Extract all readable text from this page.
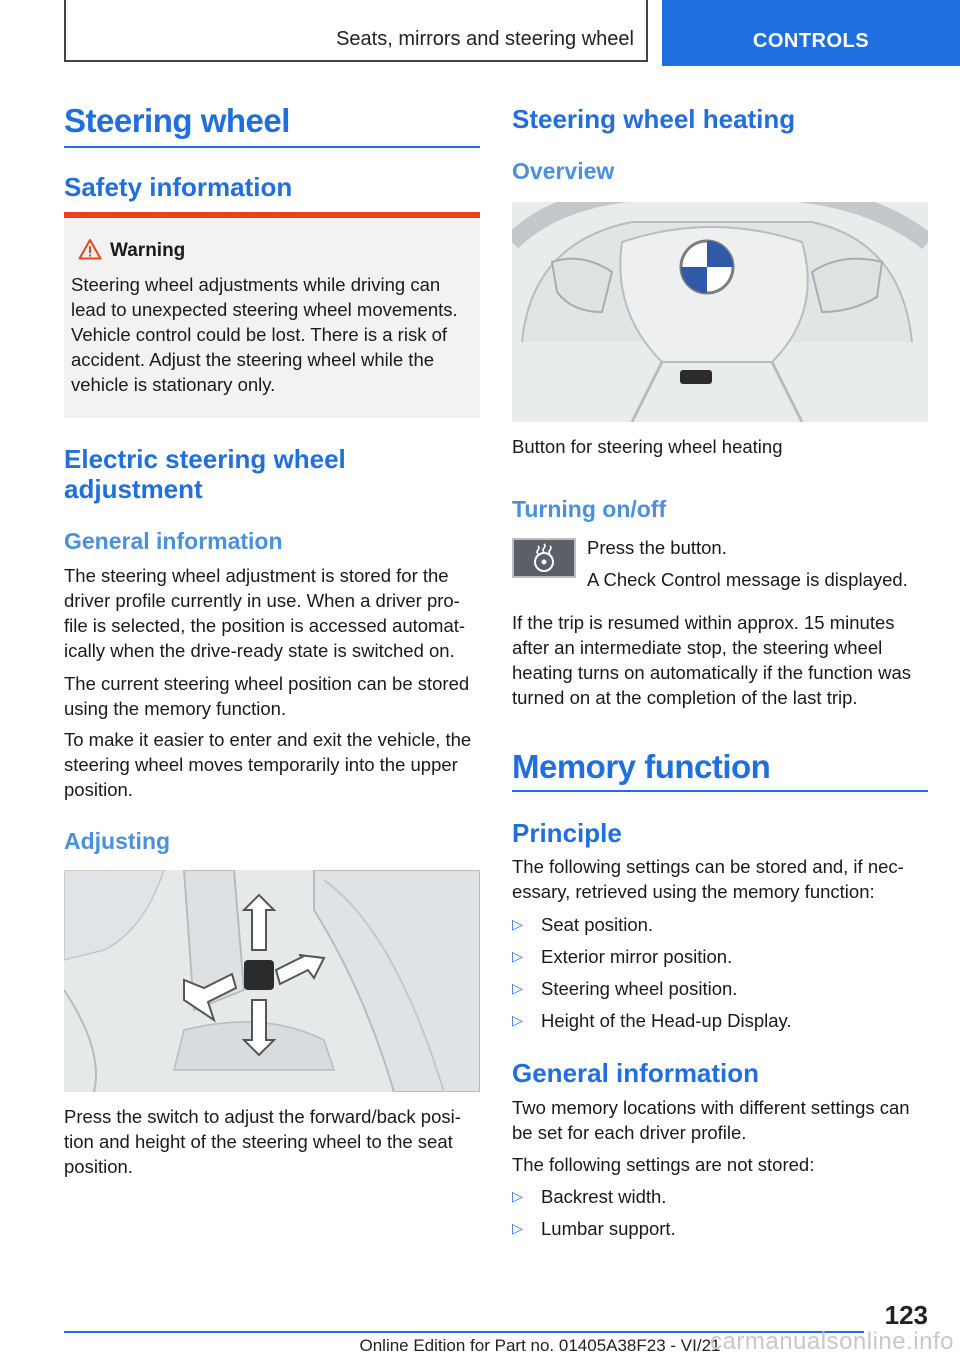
Seats, mirrors and steering wheel	CONTROLS
Steering wheel
Safety information
Warning
Steering wheel adjustments while driving can lead to unexpected steering wheel movements. Vehicle control could be lost. There is a risk of accident. Adjust the steering wheel while the vehicle is stationary only.
Electric steering wheel adjustment
General information
The steering wheel adjustment is stored for the driver profile currently in use. When a driver pro-file is selected, the position is accessed automat-ically when the drive-ready state is switched on.
The current steering wheel position can be stored using the memory function.
To make it easier to enter and exit the vehicle, the steering wheel moves temporarily into the upper position.
Adjusting
Press the switch to adjust the forward/back posi-tion and height of the steering wheel to the seat position.
Steering wheel heating
Overview
Button for steering wheel heating
Turning on/off
Press the button.
A Check Control message is displayed.
If the trip is resumed within approx. 15 minutes after an intermediate stop, the steering wheel heating turns on automatically if the function was turned on at the completion of the last trip.
Memory function
Principle
The following settings can be stored and, if nec-essary, retrieved using the memory function:
▷ Seat position.
▷ Exterior mirror position.
▷ Steering wheel position.
▷ Height of the Head-up Display.
General information
Two memory locations with different settings can be set for each driver profile.
The following settings are not stored:
▷ Backrest width.
▷ Lumbar support.
123
Online Edition for Part no. 01405A38F23 - VI/21
carmanualsonline.info
